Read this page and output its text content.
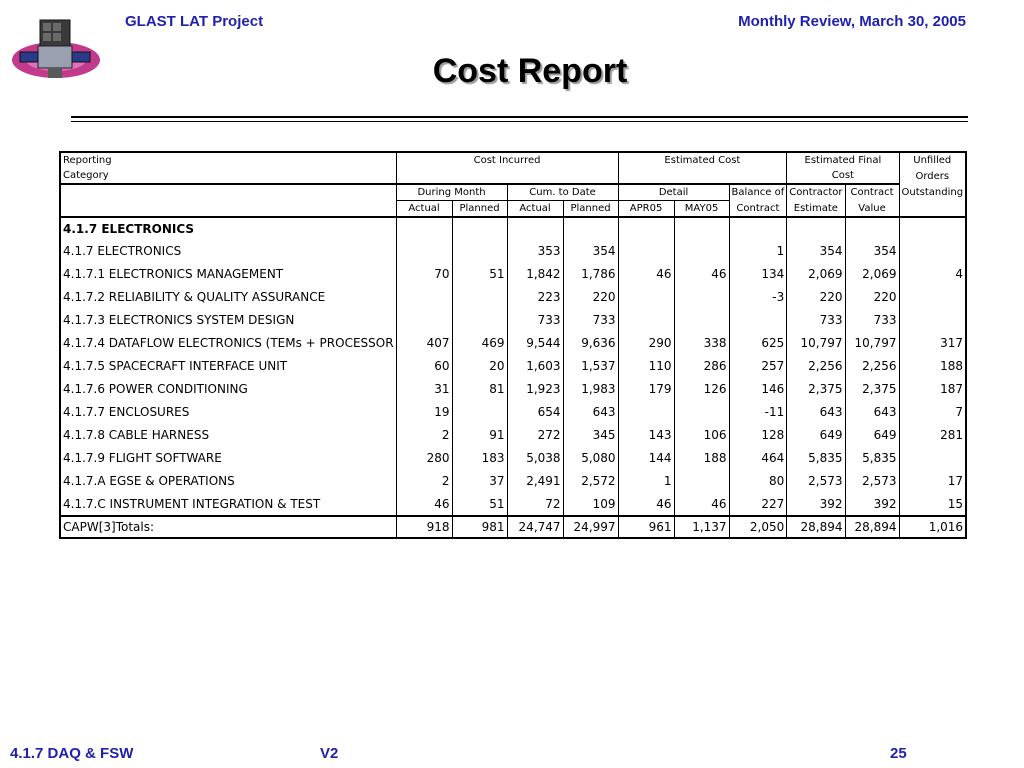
GLAST LAT Project	Monthly Review, March 30, 2005
Cost Report
Reporting	Cost Incurred				Estimated Cost			Estimated Final		Unfilled
Category								Cost		Orders
	During Month		Cum. to Date		Detail		Balance of	Contractor	Contract	Outstanding
	Actual	Planned	Actual	Planned	APR05	MAY05	Contract	Estimate	Value	
4.1.7 ELECTRONICS										
4.1.7 ELECTRONICS			353	354			1	354	354	
4.1.7.1 ELECTRONICS MANAGEMENT	70	51	1,842	1,786	46	46	134	2,069	2,069	4
4.1.7.2 RELIABILITY & QUALITY ASSURANCE			223	220			-3	220	220	
4.1.7.3 ELECTRONICS SYSTEM DESIGN			733	733				733	733	
4.1.7.4 DATAFLOW ELECTRONICS (TEMs + PROCESSOR	407	469	9,544	9,636	290	338	625	10,797	10,797	317
4.1.7.5 SPACECRAFT INTERFACE UNIT	60	20	1,603	1,537	110	286	257	2,256	2,256	188
4.1.7.6 POWER CONDITIONING	31	81	1,923	1,983	179	126	146	2,375	2,375	187
4.1.7.7 ENCLOSURES	19		654	643			-11	643	643	7
4.1.7.8 CABLE HARNESS	2	91	272	345	143	106	128	649	649	281
4.1.7.9 FLIGHT SOFTWARE	280	183	5,038	5,080	144	188	464	5,835	5,835	
4.1.7.A EGSE & OPERATIONS	2	37	2,491	2,572	1		80	2,573	2,573	17
4.1.7.C INSTRUMENT INTEGRATION & TEST	46	51	72	109	46	46	227	392	392	15
CAPW[3]Totals:	918	981	24,747	24,997	961	1,137	2,050	28,894	28,894	1,016
4.1.7 DAQ & FSW	V2	25
